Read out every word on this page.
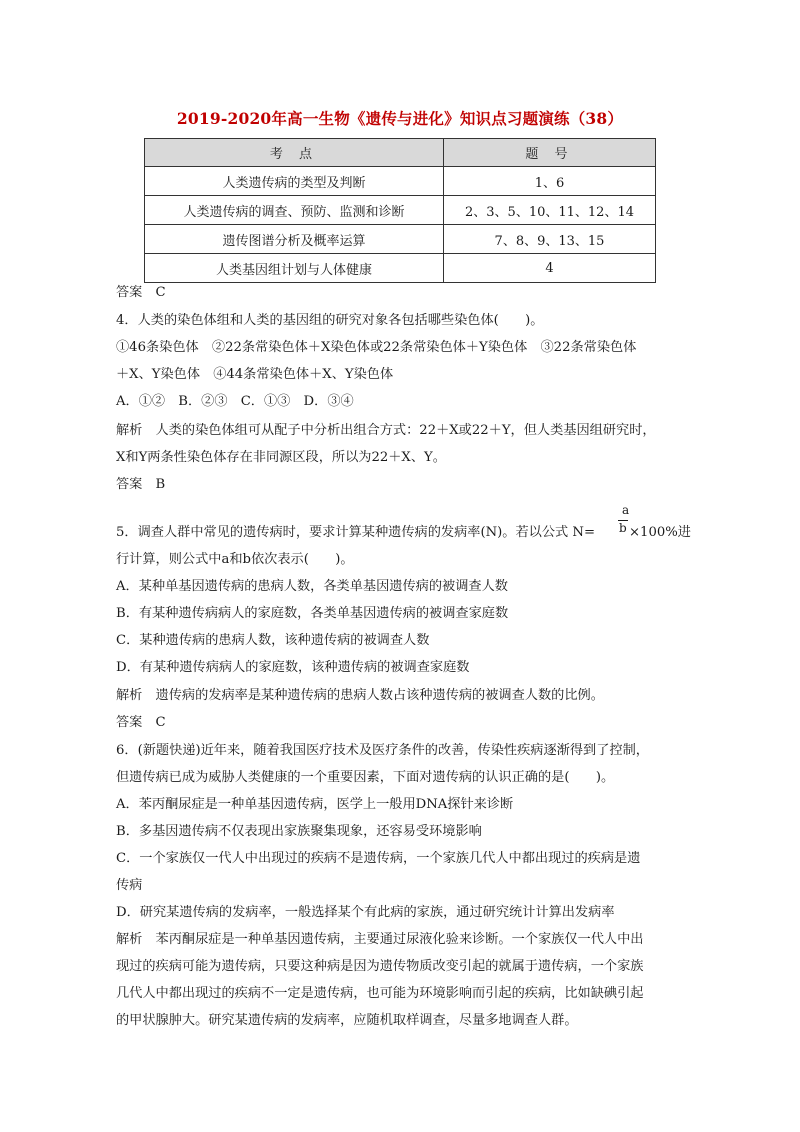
2019-2020年高一生物《遗传与进化》知识点习题演练（38）
考 点	题 号
人类遗传病的类型及判断	1、6
人类遗传病的调查、预防、监测和诊断	2、3、5、10、11、12、14
遗传图谱分析及概率运算	7、8、9、13、15
人类基因组计划与人体健康	4
答案　C
4．人类的染色体组和人类的基因组的研究对象各包括哪些染色体(　　)。
①46条染色体　②22条常染色体＋X染色体或22条常染色体＋Y染色体　③22条常染色体
＋X、Y染色体　④44条常染色体＋X、Y染色体
A．①②　B．②③　C．①③　D．③④
解析　人类的染色体组可从配子中分析出组合方式：22＋X或22＋Y，但人类基因组研究时，
X和Y两条性染色体存在非同源区段，所以为22＋X、Y。
答案　B
5．调查人群中常见的遗传病时，要求计算某种遗传病的发病率(N)。若以公式 N=
a
b ×100%进
行计算，则公式中a和b依次表示(　　)。
A．某种单基因遗传病的患病人数，各类单基因遗传病的被调查人数
B．有某种遗传病病人的家庭数，各类单基因遗传病的被调查家庭数
C．某种遗传病的患病人数，该种遗传病的被调查人数
D．有某种遗传病病人的家庭数，该种遗传病的被调查家庭数
解析　遗传病的发病率是某种遗传病的患病人数占该种遗传病的被调查人数的比例。
答案　C
6．(新题快递)近年来，随着我国医疗技术及医疗条件的改善，传染性疾病逐渐得到了控制，
但遗传病已成为威胁人类健康的一个重要因素，下面对遗传病的认识正确的是(　　)。
A．苯丙酮尿症是一种单基因遗传病，医学上一般用DNA探针来诊断
B．多基因遗传病不仅表现出家族聚集现象，还容易受环境影响
C．一个家族仅一代人中出现过的疾病不是遗传病，一个家族几代人中都出现过的疾病是遗
传病
D．研究某遗传病的发病率，一般选择某个有此病的家族，通过研究统计计算出发病率
解析　苯丙酮尿症是一种单基因遗传病，主要通过尿液化验来诊断。一个家族仅一代人中出
现过的疾病可能为遗传病，只要这种病是因为遗传物质改变引起的就属于遗传病，一个家族
几代人中都出现过的疾病不一定是遗传病，也可能为环境影响而引起的疾病，比如缺碘引起
的甲状腺肿大。研究某遗传病的发病率，应随机取样调查，尽量多地调查人群。
